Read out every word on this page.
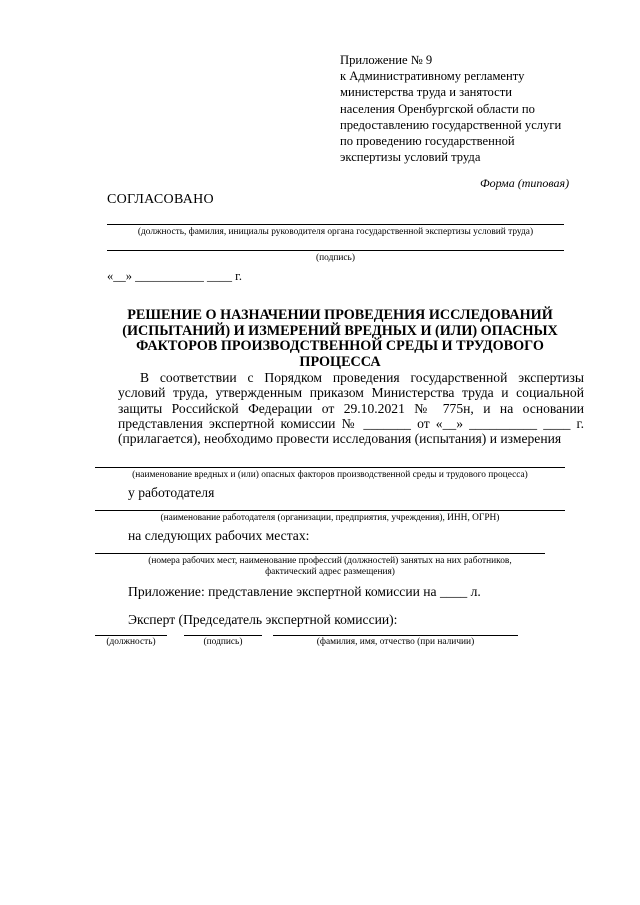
Приложение № 9
к Административному регламенту
министерства труда и занятости
населения Оренбургской области по
предоставлению государственной услуги
по проведению государственной
экспертизы условий труда
Форма (типовая)
СОГЛАСОВАНО
(должность, фамилия, инициалы руководителя органа государственной экспертизы условий труда)
(подпись)
«__» ___________ ____ г.
РЕШЕНИЕ О НАЗНАЧЕНИИ ПРОВЕДЕНИЯ ИССЛЕДОВАНИЙ (ИСПЫТАНИЙ) И ИЗМЕРЕНИЙ ВРЕДНЫХ И (ИЛИ) ОПАСНЫХ ФАКТОРОВ ПРОИЗВОДСТВЕННОЙ СРЕДЫ И ТРУДОВОГО ПРОЦЕССА
В соответствии с Порядком проведения государственной экспертизы условий труда, утвержденным приказом Министерства труда и социальной защиты Российской Федерации от 29.10.2021 № 775н, и на основании представления экспертной комиссии № _______ от «__» __________ ____ г. (прилагается), необходимо провести исследования (испытания) и измерения
(наименование вредных и (или) опасных факторов производственной среды и трудового процесса)
у работодателя
(наименование работодателя (организации, предприятия, учреждения), ИНН, ОГРН)
на следующих рабочих местах:
(номера рабочих мест, наименование профессий (должностей) занятых на них работников,
фактический адрес размещения)
Приложение: представление экспертной комиссии на ____ л.
Эксперт (Председатель экспертной комиссии):
(должность)	(подпись)	(фамилия, имя, отчество (при наличии)
